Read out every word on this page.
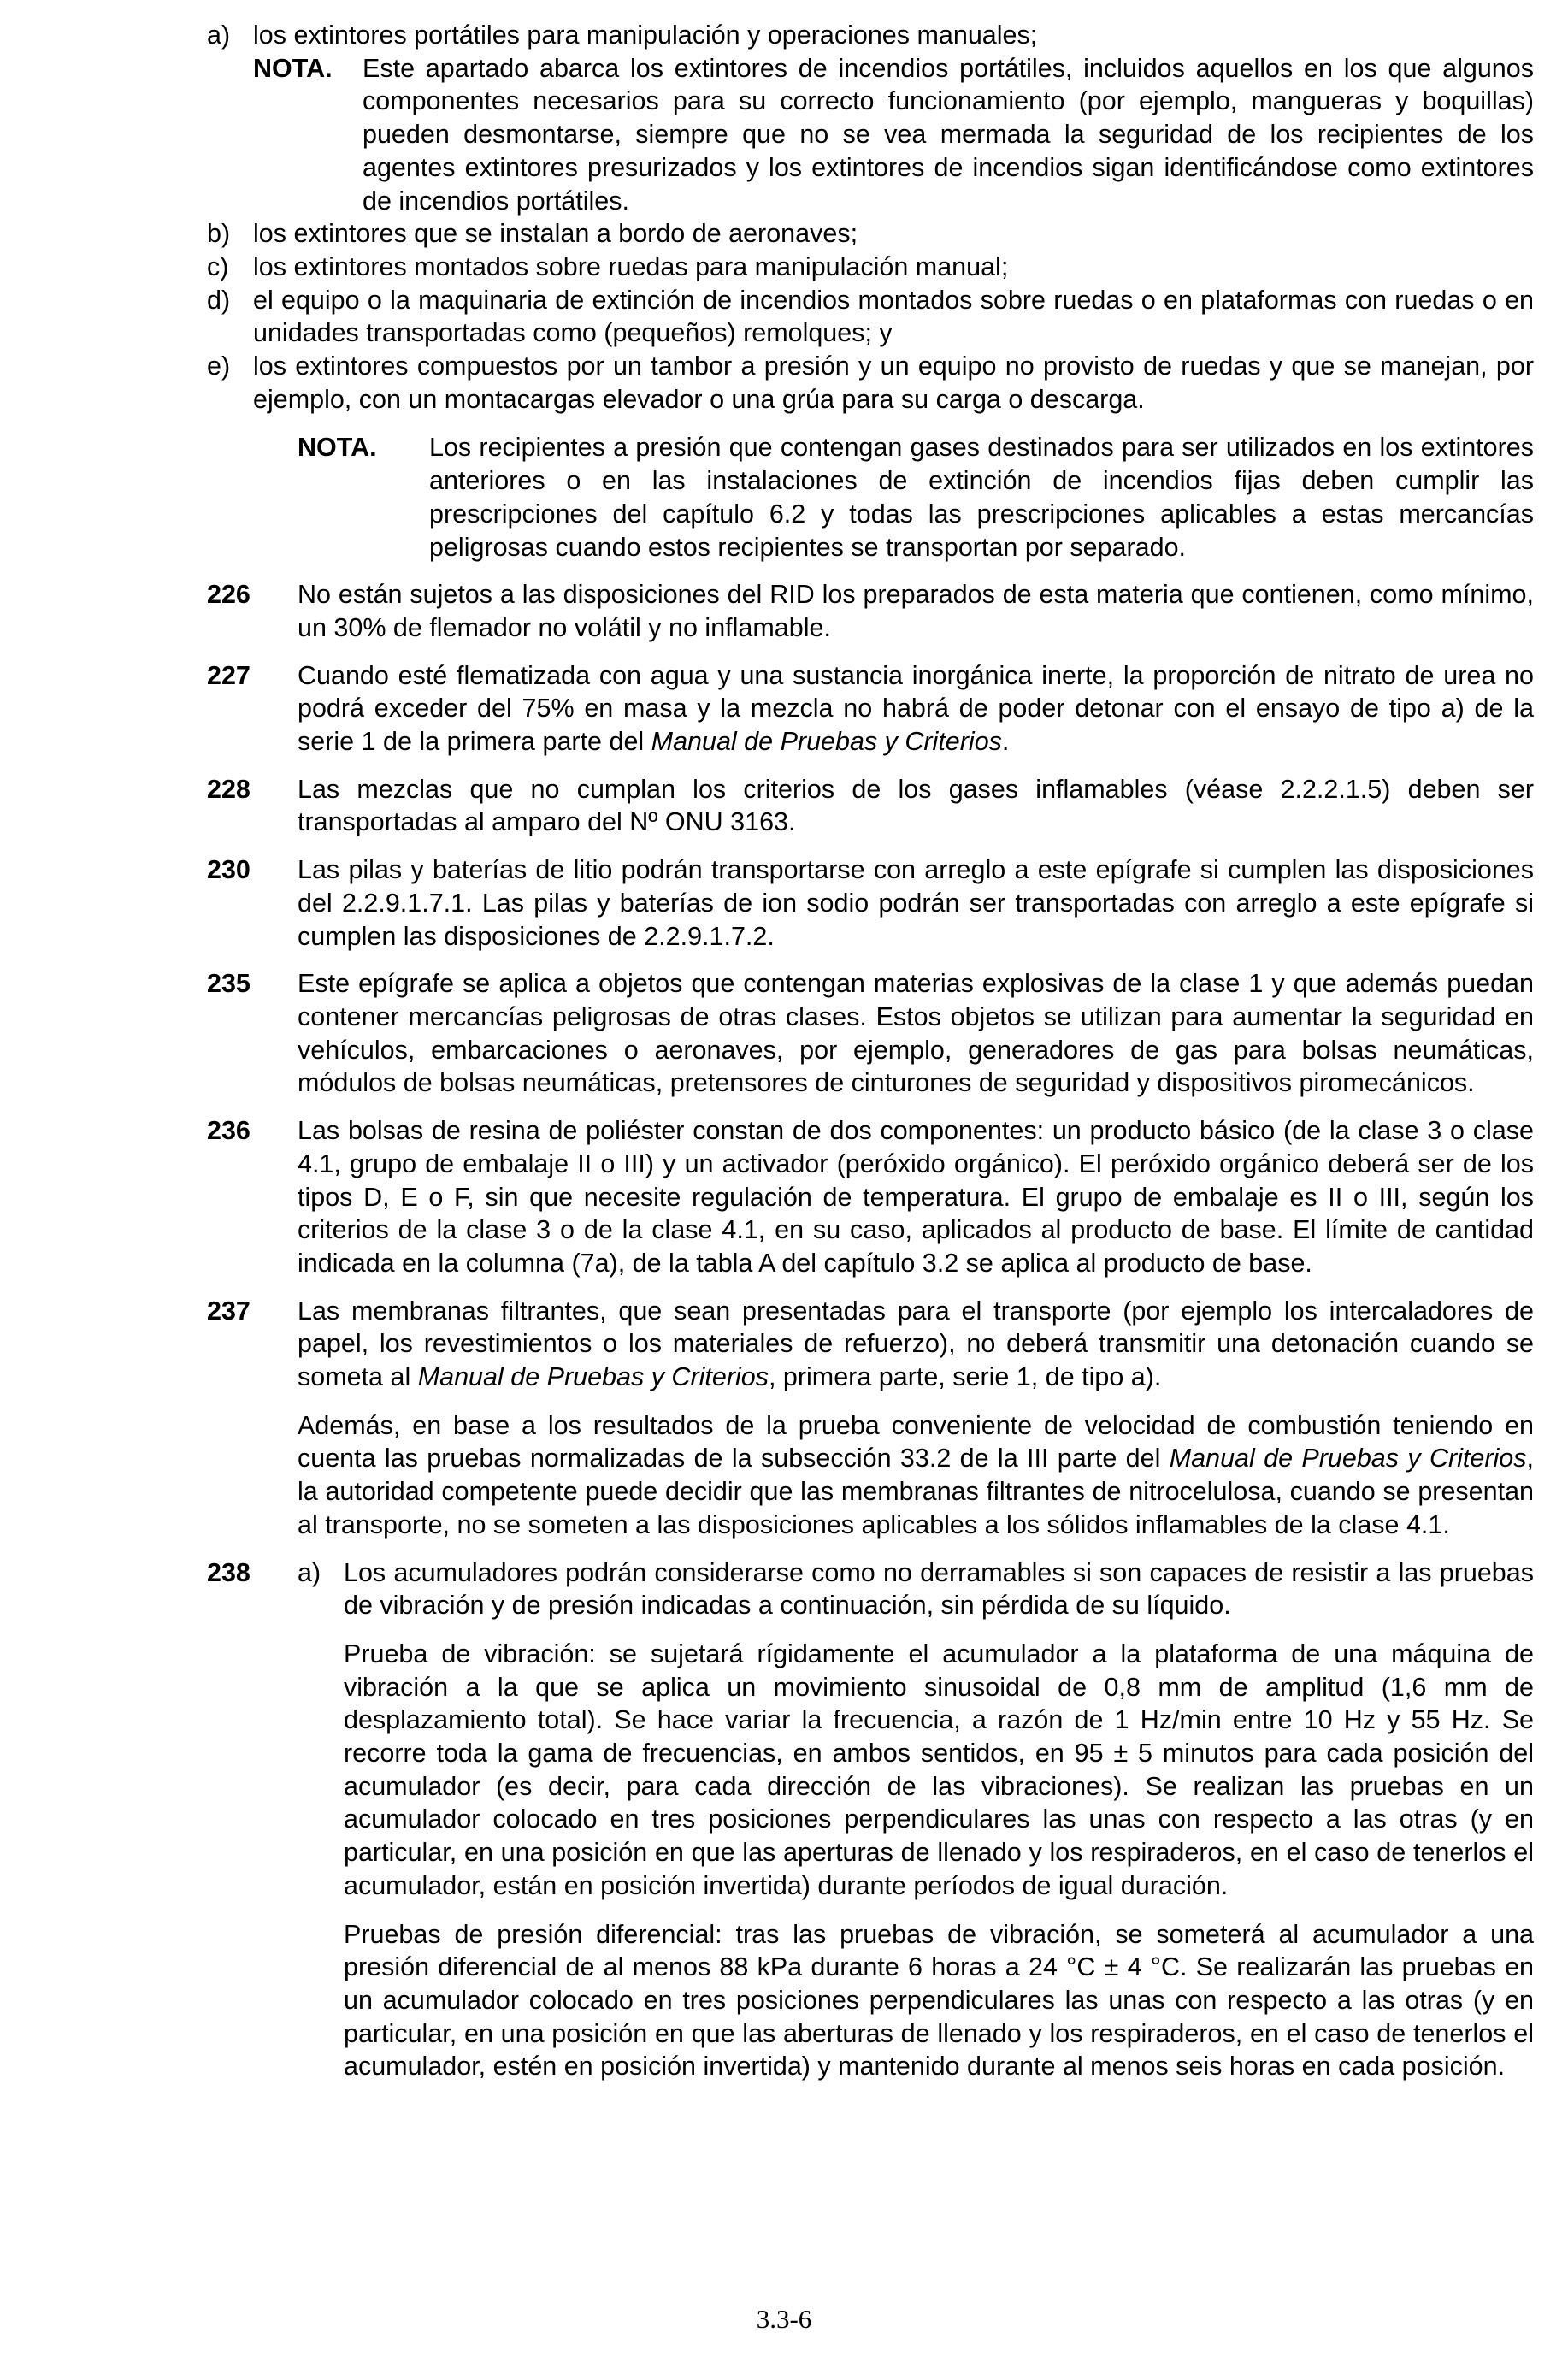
a) los extintores portátiles para manipulación y operaciones manuales;
NOTA.	Este apartado abarca los extintores de incendios portátiles, incluidos aquellos en los que algunos componentes necesarios para su correcto funcionamiento (por ejemplo, mangueras y boquillas) pueden desmontarse, siempre que no se vea mermada la seguridad de los recipientes de los agentes extintores presurizados y los extintores de incendios sigan identificándose como extintores de incendios portátiles.
b) los extintores que se instalan a bordo de aeronaves;
c) los extintores montados sobre ruedas para manipulación manual;
d) el equipo o la maquinaria de extinción de incendios montados sobre ruedas o en plataformas con ruedas o en unidades transportadas como (pequeños) remolques; y
e) los extintores compuestos por un tambor a presión y un equipo no provisto de ruedas y que se manejan, por ejemplo, con un montacargas elevador o una grúa para su carga o descarga.
NOTA.	Los recipientes a presión que contengan gases destinados para ser utilizados en los extintores anteriores o en las instalaciones de extinción de incendios fijas deben cumplir las prescripciones del capítulo 6.2 y todas las prescripciones aplicables a estas mercancías peligrosas cuando estos recipientes se transportan por separado.
226 No están sujetos a las disposiciones del RID los preparados de esta materia que contienen, como mínimo, un 30% de flemador no volátil y no inflamable.

227 Cuando esté flematizada con agua y una sustancia inorgánica inerte, la proporción de nitrato de urea no podrá exceder del 75% en masa y la mezcla no habrá de poder detonar con el ensayo de tipo a) de la serie 1 de la primera parte del Manual de Pruebas y Criterios.

228 Las mezclas que no cumplan los criterios de los gases inflamables (véase 2.2.2.1.5) deben ser transportadas al amparo del Nº ONU 3163.

230 Las pilas y baterías de litio podrán transportarse con arreglo a este epígrafe si cumplen las disposiciones del 2.2.9.1.7.1. Las pilas y baterías de ion sodio podrán ser transportadas con arreglo a este epígrafe si cumplen las disposiciones de 2.2.9.1.7.2.

235 Este epígrafe se aplica a objetos que contengan materias explosivas de la clase 1 y que además puedan contener mercancías peligrosas de otras clases. Estos objetos se utilizan para aumentar la seguridad en vehículos, embarcaciones o aeronaves, por ejemplo, generadores de gas para bolsas neumáticas, módulos de bolsas neumáticas, pretensores de cinturones de seguridad y dispositivos piromecánicos.

236 Las bolsas de resina de poliéster constan de dos componentes: un producto básico (de la clase 3 o clase 4.1, grupo de embalaje II o III) y un activador (peróxido orgánico). El peróxido orgánico deberá ser de los tipos D, E o F, sin que necesite regulación de temperatura. El grupo de embalaje es II o III, según los criterios de la clase 3 o de la clase 4.1, en su caso, aplicados al producto de base. El límite de cantidad indicada en la columna (7a), de la tabla A del capítulo 3.2 se aplica al producto de base.

237 Las membranas filtrantes, que sean presentadas para el transporte (por ejemplo los intercaladores de papel, los revestimientos o los materiales de refuerzo), no deberá transmitir una detonación cuando se someta al Manual de Pruebas y Criterios, primera parte, serie 1, de tipo a).

Además, en base a los resultados de la prueba conveniente de velocidad de combustión teniendo en cuenta las pruebas normalizadas de la subsección 33.2 de la III parte del Manual de Pruebas y Criterios, la autoridad competente puede decidir que las membranas filtrantes de nitrocelulosa, cuando se presentan al transporte, no se someten a las disposiciones aplicables a los sólidos inflamables de la clase 4.1.

238 a) Los acumuladores podrán considerarse como no derramables si son capaces de resistir a las pruebas de vibración y de presión indicadas a continuación, sin pérdida de su líquido.
Prueba de vibración: se sujetará rígidamente el acumulador a la plataforma de una máquina de vibración a la que se aplica un movimiento sinusoidal de 0,8 mm de amplitud (1,6 mm de desplazamiento total). Se hace variar la frecuencia, a razón de 1 Hz/min entre 10 Hz y 55 Hz. Se recorre toda la gama de frecuencias, en ambos sentidos, en 95 ± 5 minutos para cada posición del acumulador (es decir, para cada dirección de las vibraciones). Se realizan las pruebas en un acumulador colocado en tres posiciones perpendiculares las unas con respecto a las otras (y en particular, en una posición en que las aperturas de llenado y los respiraderos, en el caso de tenerlos el acumulador, están en posición invertida) durante períodos de igual duración.
Pruebas de presión diferencial: tras las pruebas de vibración, se someterá al acumulador a una presión diferencial de al menos 88 kPa durante 6 horas a 24 °C ± 4 °C. Se realizarán las pruebas en un acumulador colocado en tres posiciones perpendiculares las unas con respecto a las otras (y en particular, en una posición en que las aberturas de llenado y los respiraderos, en el caso de tenerlos el acumulador, estén en posición invertida) y mantenido durante al menos seis horas en cada posición.
3.3-6
